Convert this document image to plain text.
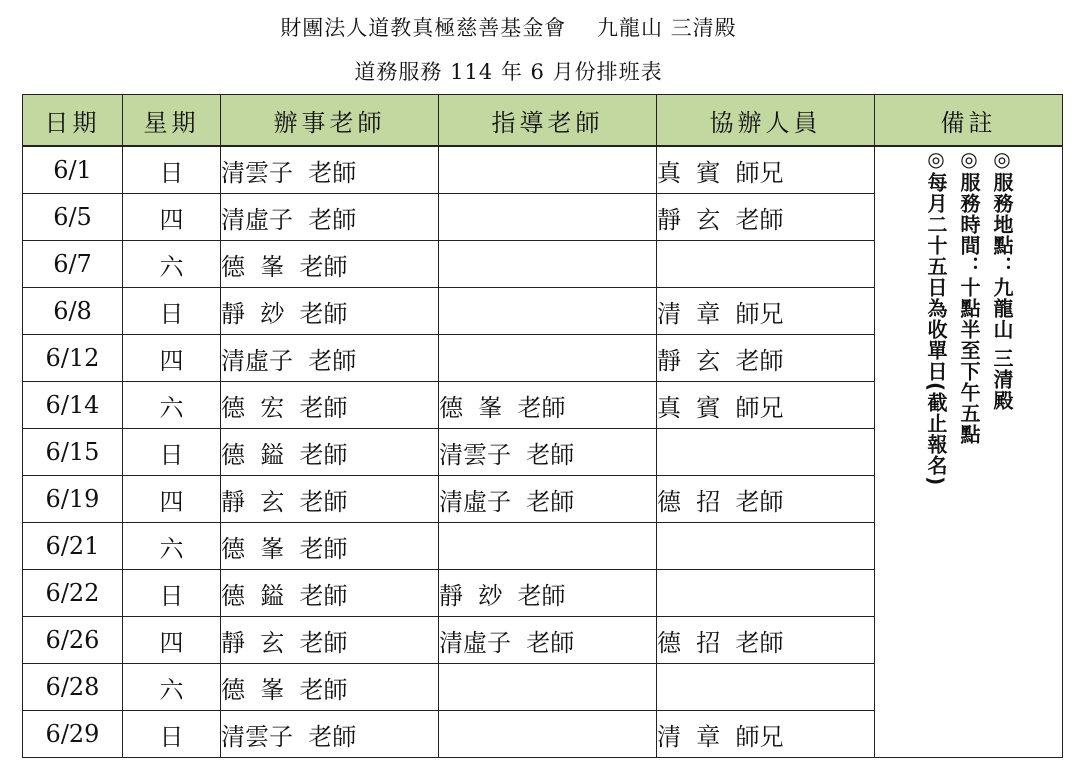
財團法人道教真極慈善基金會    九龍山 三清殿
道務服務 114 年 6 月份排班表
日期	星期	辦事老師	指導老師	協辦人員	備註
6/1	日	清雲子  老師		真  賓  師兄	◎服務地點：九龍山 三清殿
◎服務時間：十點半至下午五點
◎每月二十五日為收單日(截止報名)

6/5	四	清虛子  老師		靜  玄  老師	
6/7	六	德  峯  老師			
6/8	日	靜  玅  老師		清  章  師兄	
6/12	四	清虛子  老師		靜  玄  老師	
6/14	六	德  宏  老師	德  峯  老師	真  賓  師兄	
6/15	日	德  鎰  老師	清雲子  老師		
6/19	四	靜  玄  老師	清虛子  老師	德  招  老師	
6/21	六	德  峯  老師			
6/22	日	德  鎰  老師	靜  玅  老師		
6/26	四	靜  玄  老師	清虛子  老師	德  招  老師	
6/28	六	德  峯  老師			
6/29	日	清雲子  老師		清  章  師兄	
